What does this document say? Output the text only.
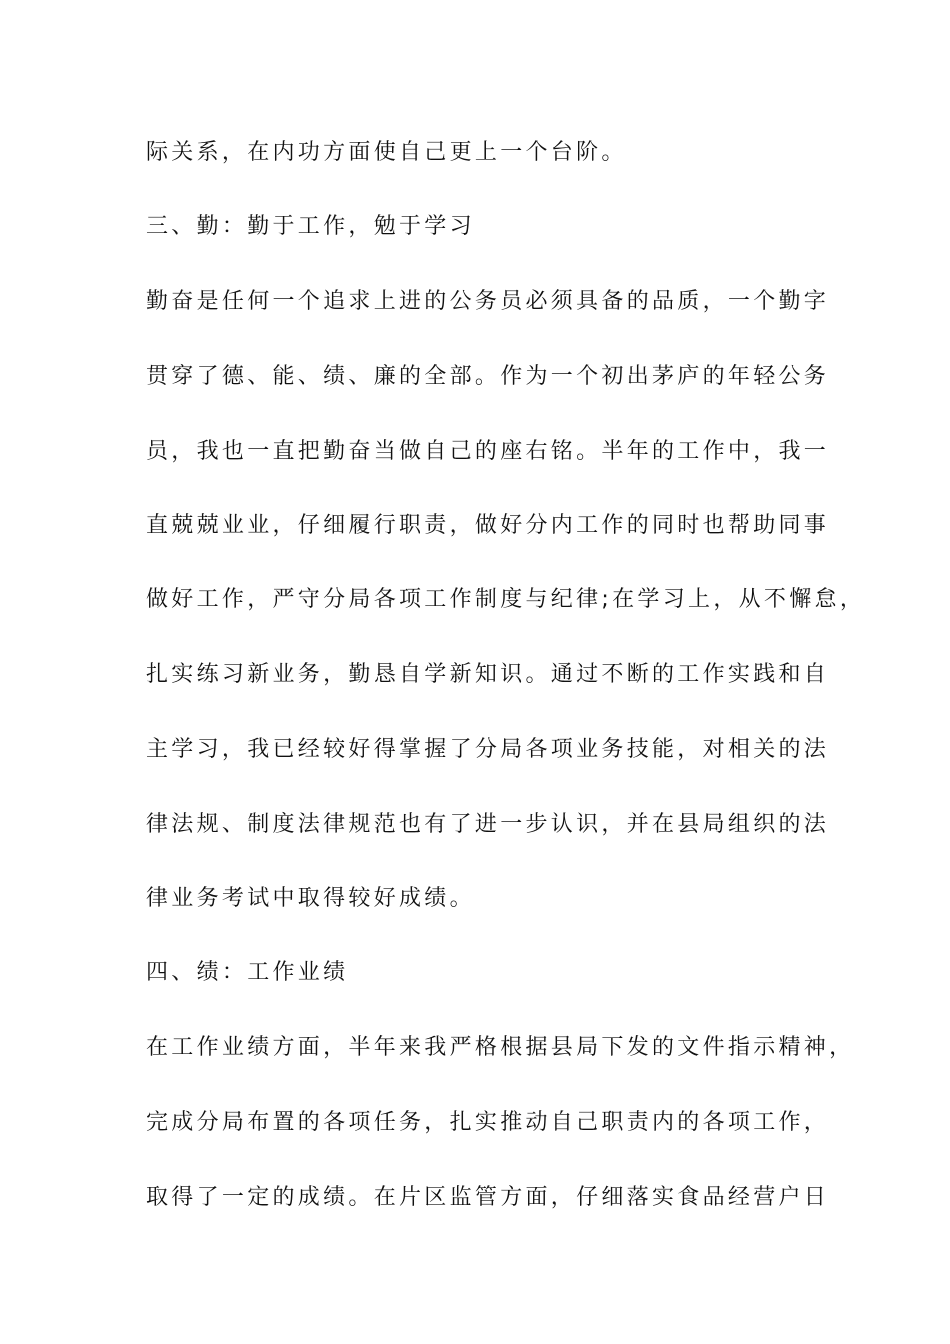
际关系，在内功方面使自己更上一个台阶。
三、勤：勤于工作，勉于学习
勤奋是任何一个追求上进的公务员必须具备的品质，一个勤字
贯穿了德、能、绩、廉的全部。作为一个初出茅庐的年轻公务
员，我也一直把勤奋当做自己的座右铭。半年的工作中，我一
直兢兢业业，仔细履行职责，做好分内工作的同时也帮助同事
做好工作，严守分局各项工作制度与纪律;在学习上，从不懈怠，
扎实练习新业务，勤恳自学新知识。通过不断的工作实践和自
主学习，我已经较好得掌握了分局各项业务技能，对相关的法
律法规、制度法律规范也有了进一步认识，并在县局组织的法
律业务考试中取得较好成绩。
四、绩：工作业绩
在工作业绩方面，半年来我严格根据县局下发的文件指示精神，
完成分局布置的各项任务，扎实推动自己职责内的各项工作，
取得了一定的成绩。在片区监管方面，仔细落实食品经营户日
